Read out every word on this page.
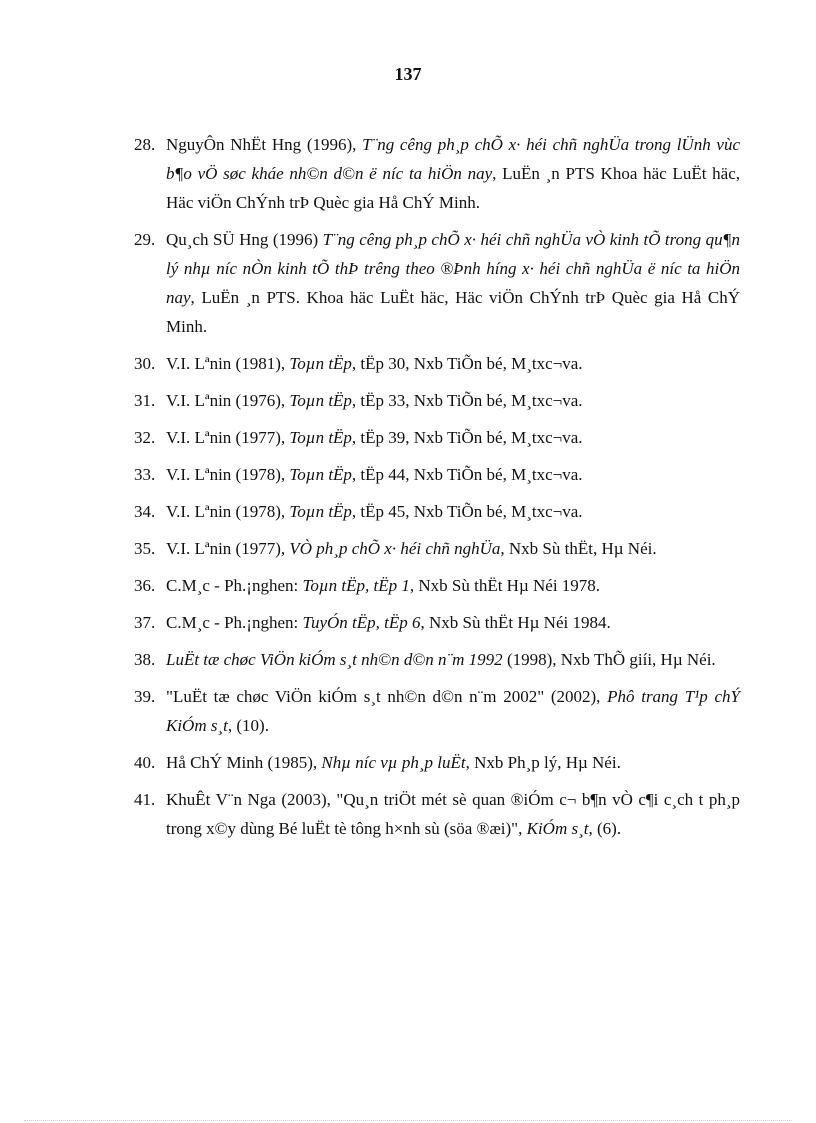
137
28. NguyÔn NhËt Hng (1996), T¨ng cêng ph¸p chÕ x· héi chñ nghÜa trong lÜnh vùc b¶o vÖ søc kháe nh©n d©n ë níc ta hiÖn nay, LuËn ¸n PTS Khoa häc LuËt häc, Häc viÖn ChÝnh trÞ Quèc gia Hå ChÝ Minh.
29. Qu¸ch SÜ Hng (1996) T¨ng cêng ph¸p chÕ x· héi chñ nghÜa vÒ kinh tÕ trong qu¶n lý nhµ níc nÒn kinh tÕ thÞ trêng theo ®Þnh híng x· héi chñ nghÜa ë níc ta hiÖn nay, LuËn ¸n PTS. Khoa häc LuËt häc, Häc viÖn ChÝnh trÞ Quèc gia Hå ChÝ Minh.
30. V.I. Lªnin (1981), Toµn tËp, tËp 30, Nxb TiÕn bé, M¸txc¬va.
31. V.I. Lªnin (1976), Toµn tËp, tËp 33, Nxb TiÕn bé, M¸txc¬va.
32. V.I. Lªnin (1977), Toµn tËp, tËp 39, Nxb TiÕn bé, M¸txc¬va.
33. V.I. Lªnin (1978), Toµn tËp, tËp 44, Nxb TiÕn bé, M¸txc¬va.
34. V.I. Lªnin (1978), Toµn tËp, tËp 45, Nxb TiÕn bé, M¸txc¬va.
35. V.I. Lªnin (1977), VÒ ph¸p chÕ x· héi chñ nghÜa, Nxb Sù thËt, Hµ Néi.
36. C.M¸c - Ph.¡nghen: Toµn tËp, tËp 1, Nxb Sù thËt Hµ Néi 1978.
37. C.M¸c - Ph.¡nghen: TuyÓn tËp, tËp 6, Nxb Sù thËt Hµ Néi 1984.
38. LuËt tæ chøc ViÖn kiÓm s¸t nh©n d©n n¨m 1992 (1998), Nxb ThÕ giíi, Hµ Néi.
39. "LuËt tæ chøc ViÖn kiÓm s¸t nh©n d©n n¨m 2002" (2002), Phô trang T¹p chÝ KiÓm s¸t, (10).
40. Hå ChÝ Minh (1985), Nhµ níc vµ ph¸p luËt, Nxb Ph¸p lý, Hµ Néi.
41. KhuÊt V¨n Nga (2003), "Qu¸n triÖt mét sè quan ®iÓm c¬ b¶n vÒ c¶i c¸ch t ph¸p trong x©y dùng Bé luËt tè tông h×nh sù (söa ®æi)", KiÓm s¸t, (6).
